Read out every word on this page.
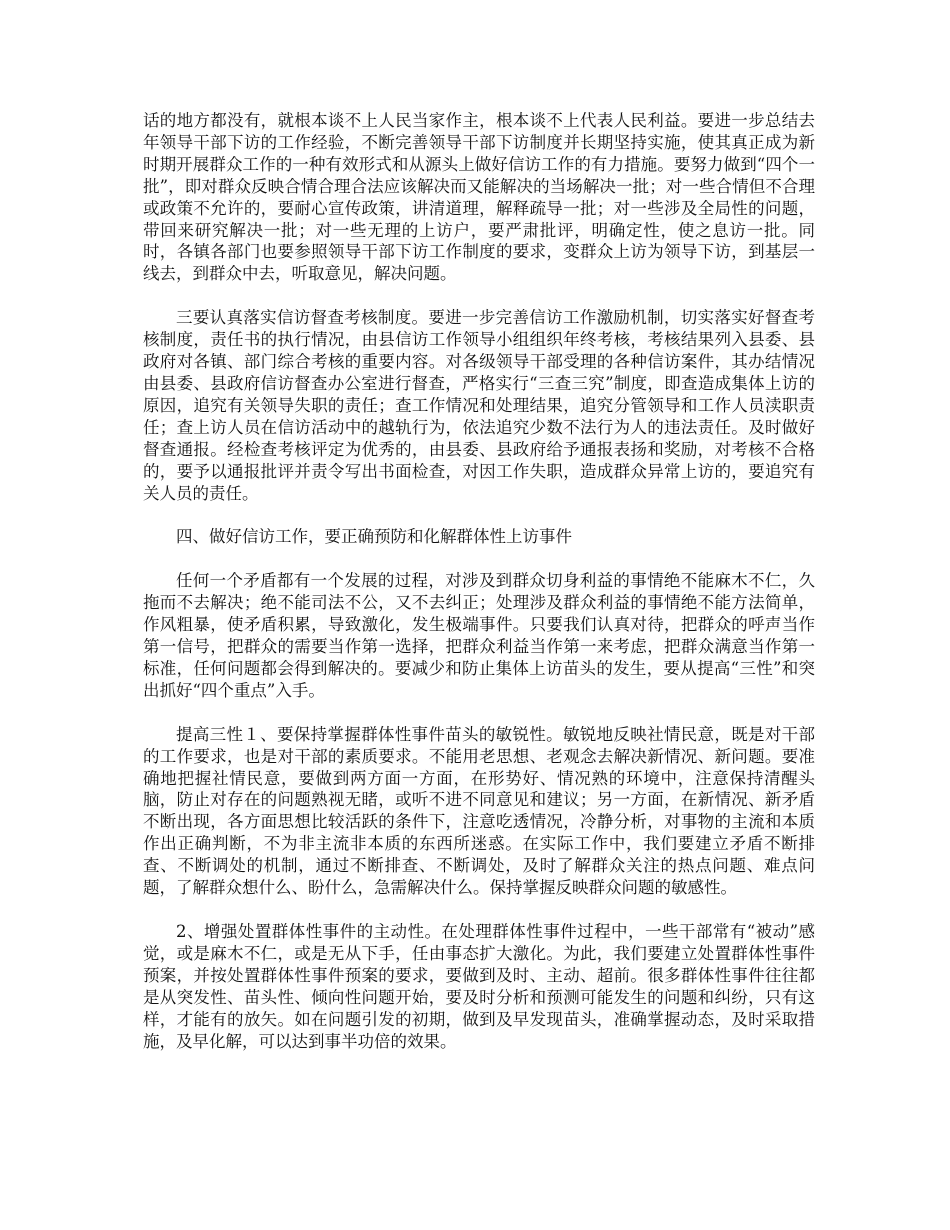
话的地方都没有，就根本谈不上人民当家作主，根本谈不上代表人民利益。要进一步总结去年领导干部下访的工作经验，不断完善领导干部下访制度并长期坚持实施，使其真正成为新时期开展群众工作的一种有效形式和从源头上做好信访工作的有力措施。要努力做到“四个一批”，即对群众反映合情合理合法应该解决而又能解决的当场解决一批；对一些合情但不合理或政策不允许的，要耐心宣传政策，讲清道理，解释疏导一批；对一些涉及全局性的问题，带回来研究解决一批；对一些无理的上访户，要严肃批评，明确定性，使之息访一批。同时，各镇各部门也要参照领导干部下访工作制度的要求，变群众上访为领导下访，到基层一线去，到群众中去，听取意见，解决问题。

三要认真落实信访督查考核制度。要进一步完善信访工作激励机制，切实落实好督查考核制度，责任书的执行情况，由县信访工作领导小组组织年终考核，考核结果列入县委、县政府对各镇、部门综合考核的重要内容。对各级领导干部受理的各种信访案件，其办结情况由县委、县政府信访督查办公室进行督查，严格实行“三查三究”制度，即查造成集体上访的原因，追究有关领导失职的责任；查工作情况和处理结果，追究分管领导和工作人员渎职责任；查上访人员在信访活动中的越轨行为，依法追究少数不法行为人的违法责任。及时做好督查通报。经检查考核评定为优秀的，由县委、县政府给予通报表扬和奖励，对考核不合格的，要予以通报批评并责令写出书面检查，对因工作失职，造成群众异常上访的，要追究有关人员的责任。

四、做好信访工作，要正确预防和化解群体性上访事件

任何一个矛盾都有一个发展的过程，对涉及到群众切身利益的事情绝不能麻木不仁，久拖而不去解决；绝不能司法不公，又不去纠正；处理涉及群众利益的事情绝不能方法简单，作风粗暴，使矛盾积累，导致激化，发生极端事件。只要我们认真对待，把群众的呼声当作第一信号，把群众的需要当作第一选择，把群众利益当作第一来考虑，把群众满意当作第一标准，任何问题都会得到解决的。要减少和防止集体上访苗头的发生，要从提高“三性”和突出抓好“四个重点”入手。

提高三性１、要保持掌握群体性事件苗头的敏锐性。敏锐地反映社情民意，既是对干部的工作要求，也是对干部的素质要求。不能用老思想、老观念去解决新情况、新问题。要准确地把握社情民意，要做到两方面一方面，在形势好、情况熟的环境中，注意保持清醒头脑，防止对存在的问题熟视无睹，或听不进不同意见和建议；另一方面，在新情况、新矛盾不断出现，各方面思想比较活跃的条件下，注意吃透情况，冷静分析，对事物的主流和本质作出正确判断，不为非主流非本质的东西所迷惑。在实际工作中，我们要建立矛盾不断排查、不断调处的机制，通过不断排查、不断调处，及时了解群众关注的热点问题、难点问题，了解群众想什么、盼什么，急需解决什么。保持掌握反映群众问题的敏感性。

2、增强处置群体性事件的主动性。在处理群体性事件过程中，一些干部常有“被动”感觉，或是麻木不仁，或是无从下手，任由事态扩大激化。为此，我们要建立处置群体性事件预案，并按处置群体性事件预案的要求，要做到及时、主动、超前。很多群体性事件往往都是从突发性、苗头性、倾向性问题开始，要及时分析和预测可能发生的问题和纠纷，只有这样，才能有的放矢。如在问题引发的初期，做到及早发现苗头，准确掌握动态，及时采取措施，及早化解，可以达到事半功倍的效果。
